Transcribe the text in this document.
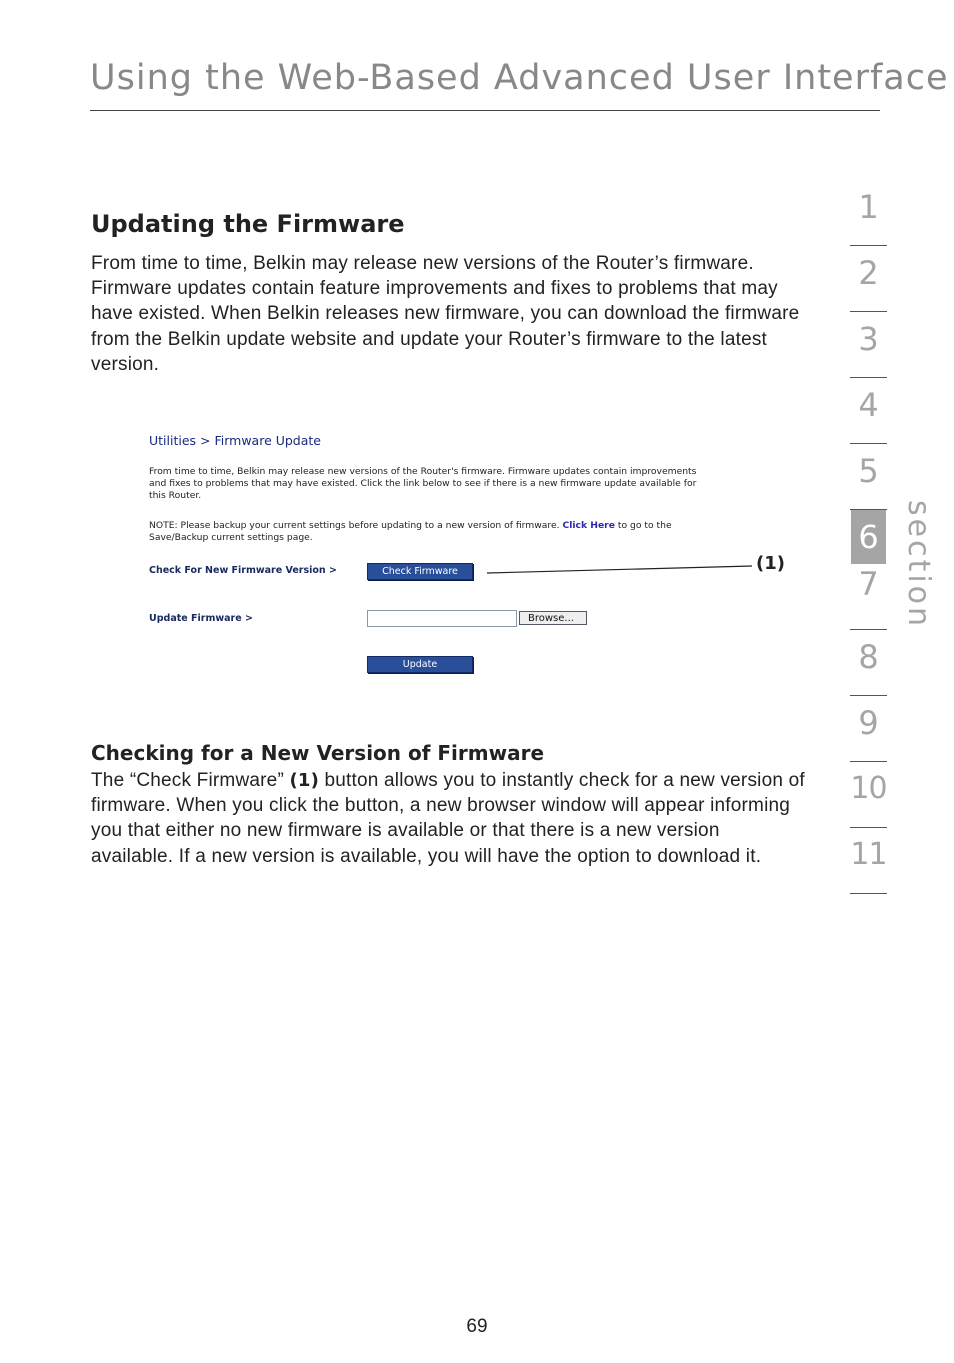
Using the Web-Based Advanced User Interface
Updating the Firmware

From time to time, Belkin may release new versions of the Router’s firmware. Firmware updates contain feature improvements and fixes to problems that may have existed. When Belkin releases new firmware, you can download the firmware from the Belkin update website and update your Router’s firmware to the latest version.

Utilities > Firmware Update

From time to time, Belkin may release new versions of the Router's firmware. Firmware updates contain improvements and fixes to problems that may have existed. Click the link below to see if there is a new firmware update available for this Router.

NOTE: Please backup your current settings before updating to a new version of firmware. Click Here to go to the Save/Backup current settings page.

Check For New Firmware Version >	Check Firmware
Update Firmware >	Browse...
Update
(1)
Checking for a New Version of Firmware

The “Check Firmware” (1) button allows you to instantly check for a new version of firmware. When you click the button, a new browser window will appear informing you that either no new firmware is available or that there is a new version available. If a new version is available, you will have the option to download it.

1
2
3
4
5
6
7
8
9
10
11
section
69
